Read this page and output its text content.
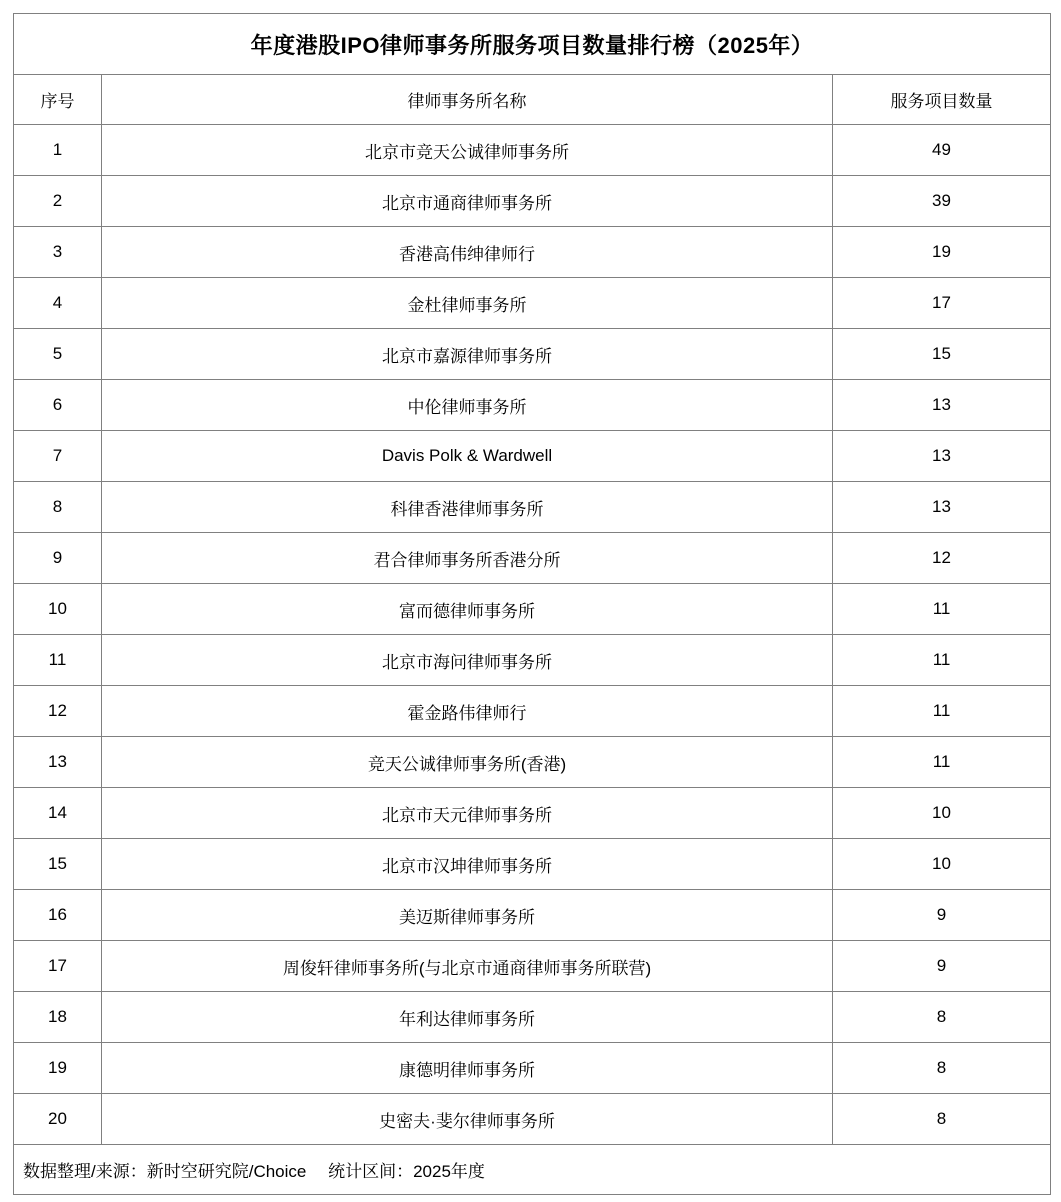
年度港股IPO律师事务所服务项目数量排行榜（2025年）		
序号	律师事务所名称	服务项目数量
1	北京市竞天公诚律师事务所	49
2	北京市通商律师事务所	39
3	香港高伟绅律师行	19
4	金杜律师事务所	17
5	北京市嘉源律师事务所	15
6	中伦律师事务所	13
7	Davis Polk & Wardwell	13
8	科律香港律师事务所	13
9	君合律师事务所香港分所	12
10	富而德律师事务所	11
11	北京市海问律师事务所	11
12	霍金路伟律师行	11
13	竞天公诚律师事务所(香港)	11
14	北京市天元律师事务所	10
15	北京市汉坤律师事务所	10
16	美迈斯律师事务所	9
17	周俊轩律师事务所(与北京市通商律师事务所联营)	9
18	年利达律师事务所	8
19	康德明律师事务所	8
20	史密夫·斐尔律师事务所	8
数据整理/来源：新时空研究院/Choice　 统计区间：2025年度		
